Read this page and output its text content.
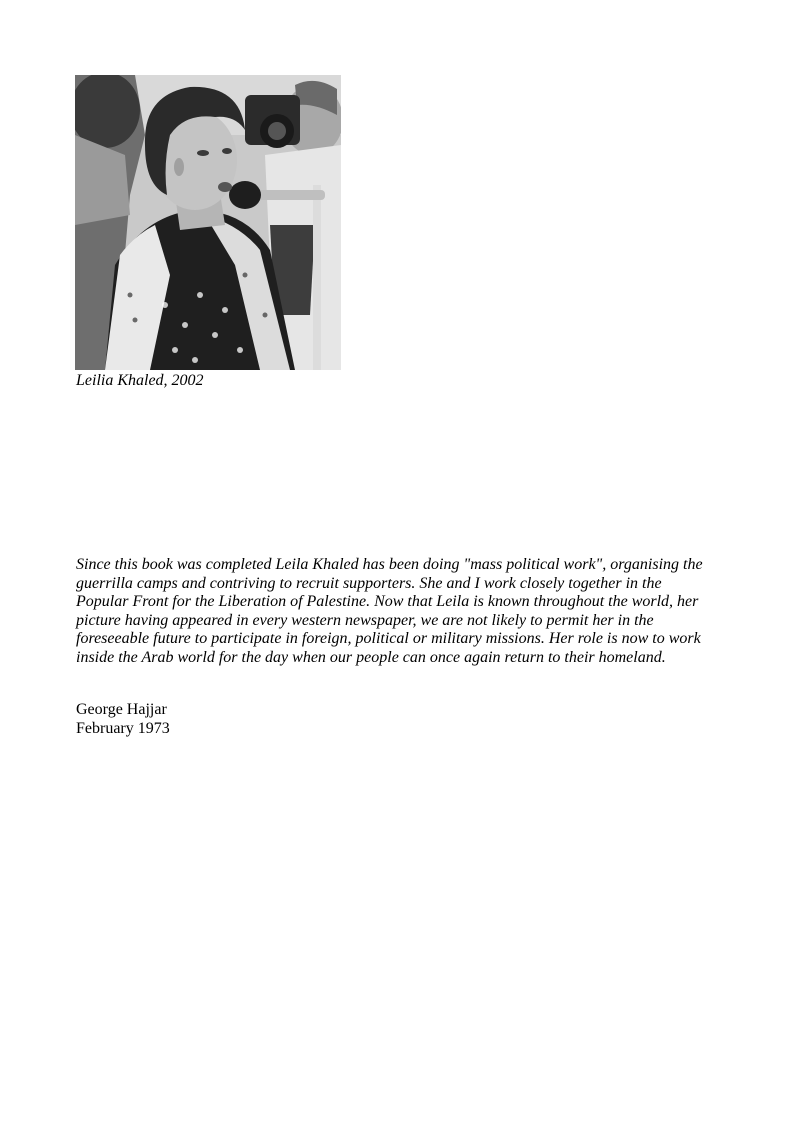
Leilia Khaled, 2002

Since this book was completed Leila Khaled has been doing "mass political work", organising the
guerrilla camps and contriving to recruit supporters. She and I work closely together in the
Popular Front for the Liberation of Palestine. Now that Leila is known throughout the world, her
picture having appeared in every western newspaper, we are not likely to permit her in the
foreseeable future to participate in foreign, political or military missions. Her role is now to work
inside the Arab world for the day when our people can once again return to their homeland.

George Hajjar
February 1973
